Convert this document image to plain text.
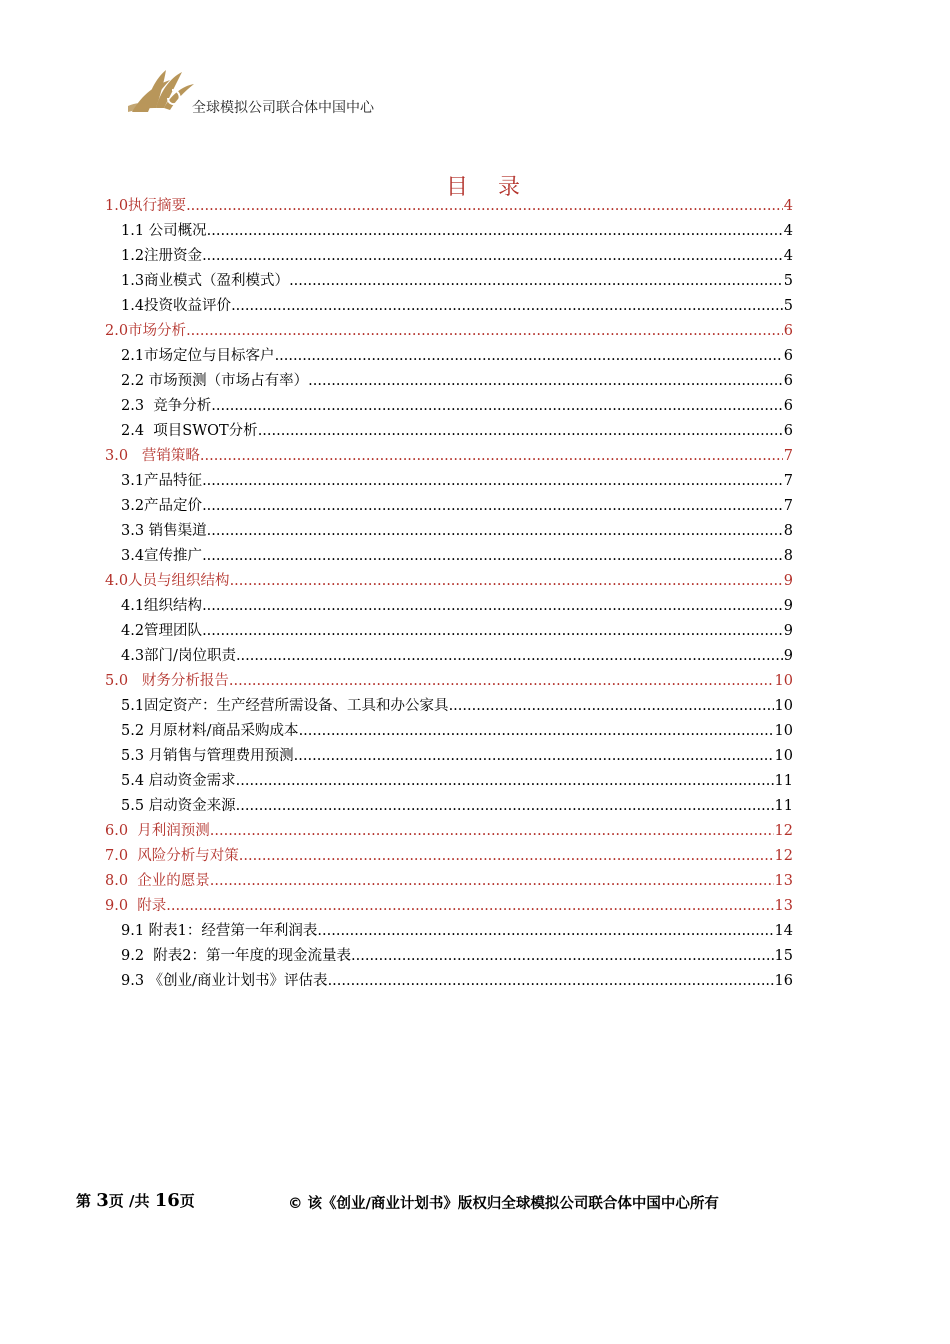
全球模拟公司联合体中国中心
目 录
1.0执行摘要 .....	4
1.1 公司概况 .....	4
1.2注册资金 .....	4
1.3商业模式（盈利模式） .....	5
1.4投资收益评价 .....	5
2.0市场分析 .....	6
2.1市场定位与目标客户 .....	6
2.2 市场预测（市场占有率） .....	6
2.3  竞争分析 .....	6
2.4  项目SWOT分析 .....	6
3.0   营销策略 .....	7
3.1产品特征 .....	7
3.2产品定价 .....	7
3.3 销售渠道 .....	8
3.4宣传推广 .....	8
4.0人员与组织结构 .....	9
4.1组织结构 .....	9
4.2管理团队 .....	9
4.3部门/岗位职责 .....	9
5.0   财务分析报告 .....	10
5.1固定资产：生产经营所需设备、工具和办公家具 .....	10
5.2 月原材料/商品采购成本 .....	10
5.3 月销售与管理费用预测 .....	10
5.4 启动资金需求 .....	11
5.5 启动资金来源 .....	11
6.0  月利润预测 .....	12
7.0  风险分析与对策 .....	12
8.0  企业的愿景 .....	13
9.0  附录 .....	13
9.1 附表1：经营第一年利润表 .....	14
9.2  附表2：第一年度的现金流量表 .....	15
9.3 《创业/商业计划书》评估表 .....	16
第 3页 /共 16页	© 该《创业/商业计划书》版权归全球模拟公司联合体中国中心所有
